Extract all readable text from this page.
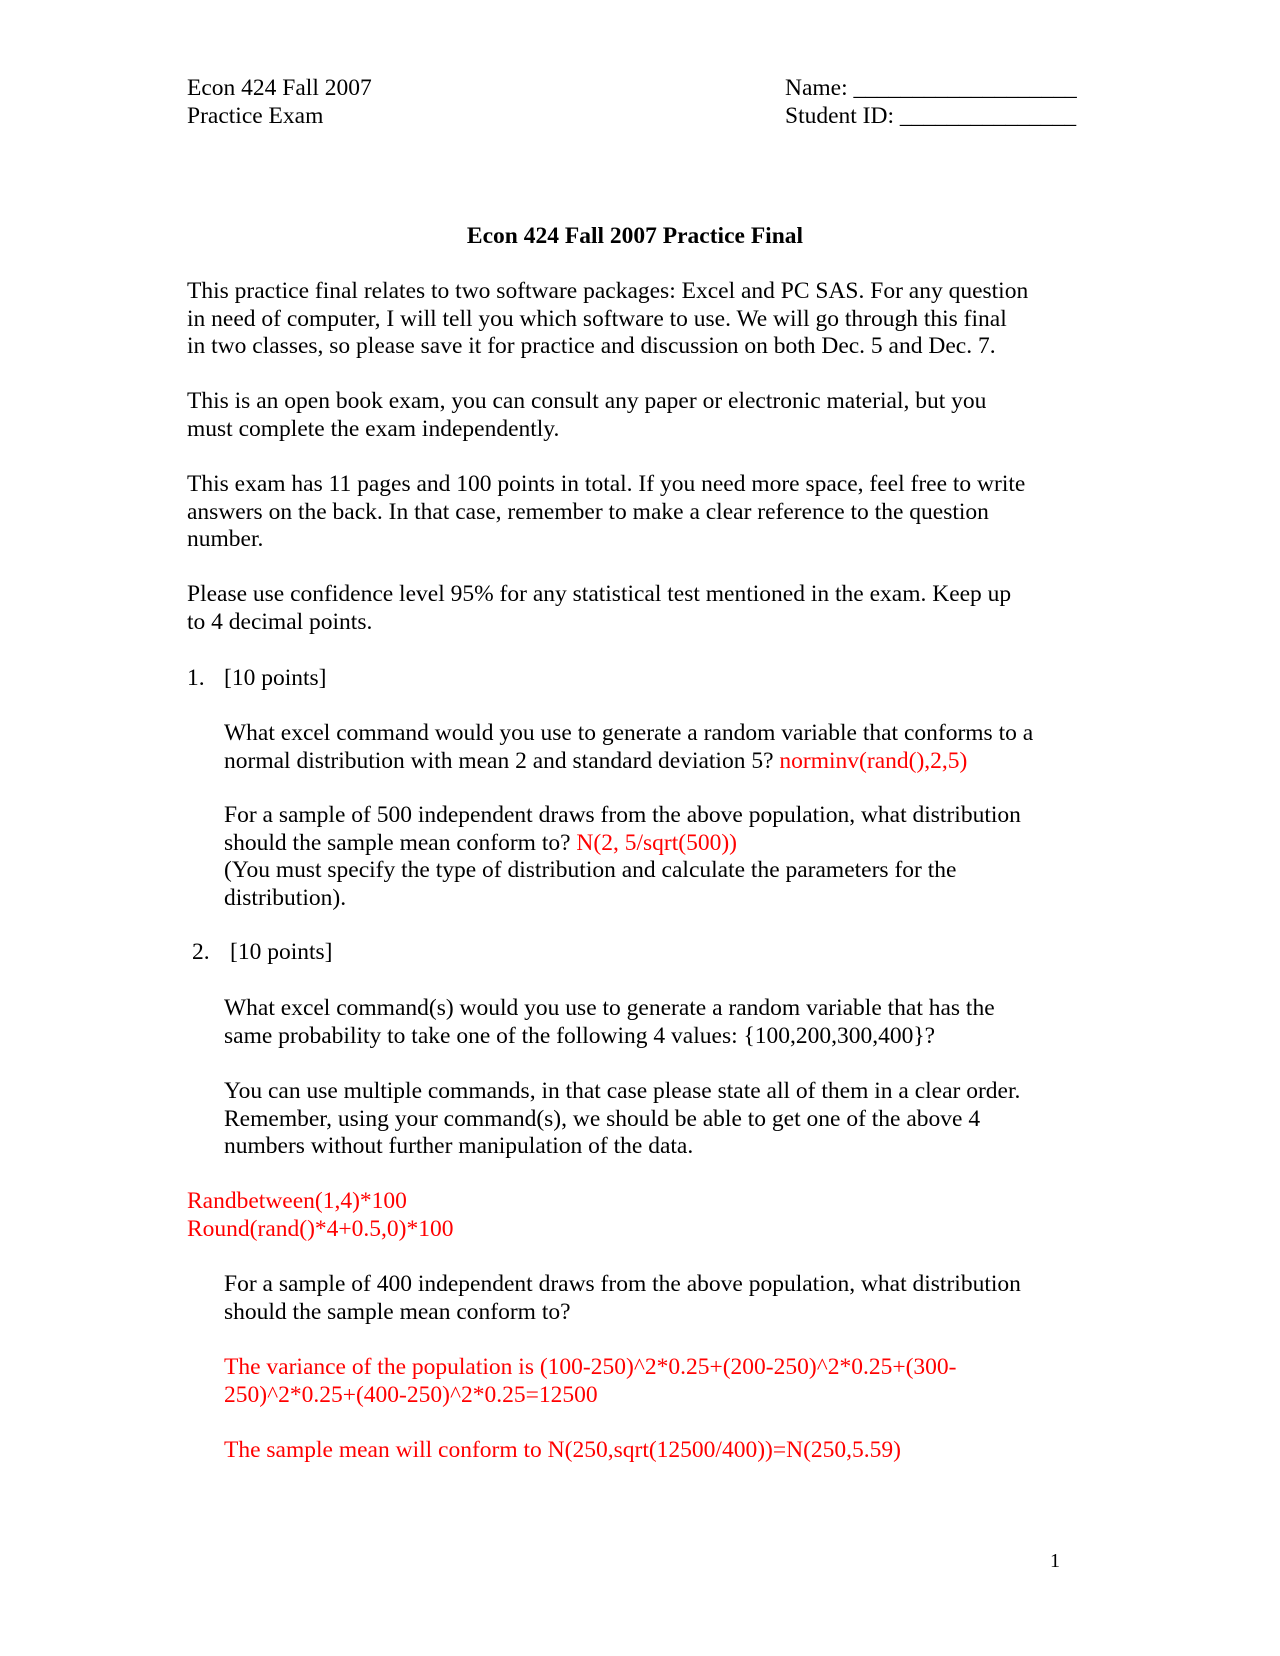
Econ 424 Fall 2007
Practice Exam
Name: ___________________
Student ID: _______________
Econ 424 Fall 2007 Practice Final
This practice final relates to two software packages: Excel and PC SAS. For any question
in need of computer, I will tell you which software to use. We will go through this final
in two classes, so please save it for practice and discussion on both Dec. 5 and Dec. 7.
This is an open book exam, you can consult any paper or electronic material, but you
must complete the exam independently.
This exam has 11 pages and 100 points in total. If you need more space, feel free to write
answers on the back. In that case, remember to make a clear reference to the question
number.
Please use confidence level 95% for any statistical test mentioned in the exam. Keep up
to 4 decimal points.
1. [10 points]
What excel command would you use to generate a random variable that conforms to a
normal distribution with mean 2 and standard deviation 5? norminv(rand(),2,5)
For a sample of 500 independent draws from the above population, what distribution
should the sample mean conform to? N(2, 5/sqrt(500))
(You must specify the type of distribution and calculate the parameters for the
distribution).
2. [10 points]
What excel command(s) would you use to generate a random variable that has the
same probability to take one of the following 4 values: {100,200,300,400}?
You can use multiple commands, in that case please state all of them in a clear order.
Remember, using your command(s), we should be able to get one of the above 4
numbers without further manipulation of the data.
Randbetween(1,4)*100
Round(rand()*4+0.5,0)*100
For a sample of 400 independent draws from the above population, what distribution
should the sample mean conform to?
The variance of the population is (100-250)^2*0.25+(200-250)^2*0.25+(300-
250)^2*0.25+(400-250)^2*0.25=12500
The sample mean will conform to N(250,sqrt(12500/400))=N(250,5.59)
1
